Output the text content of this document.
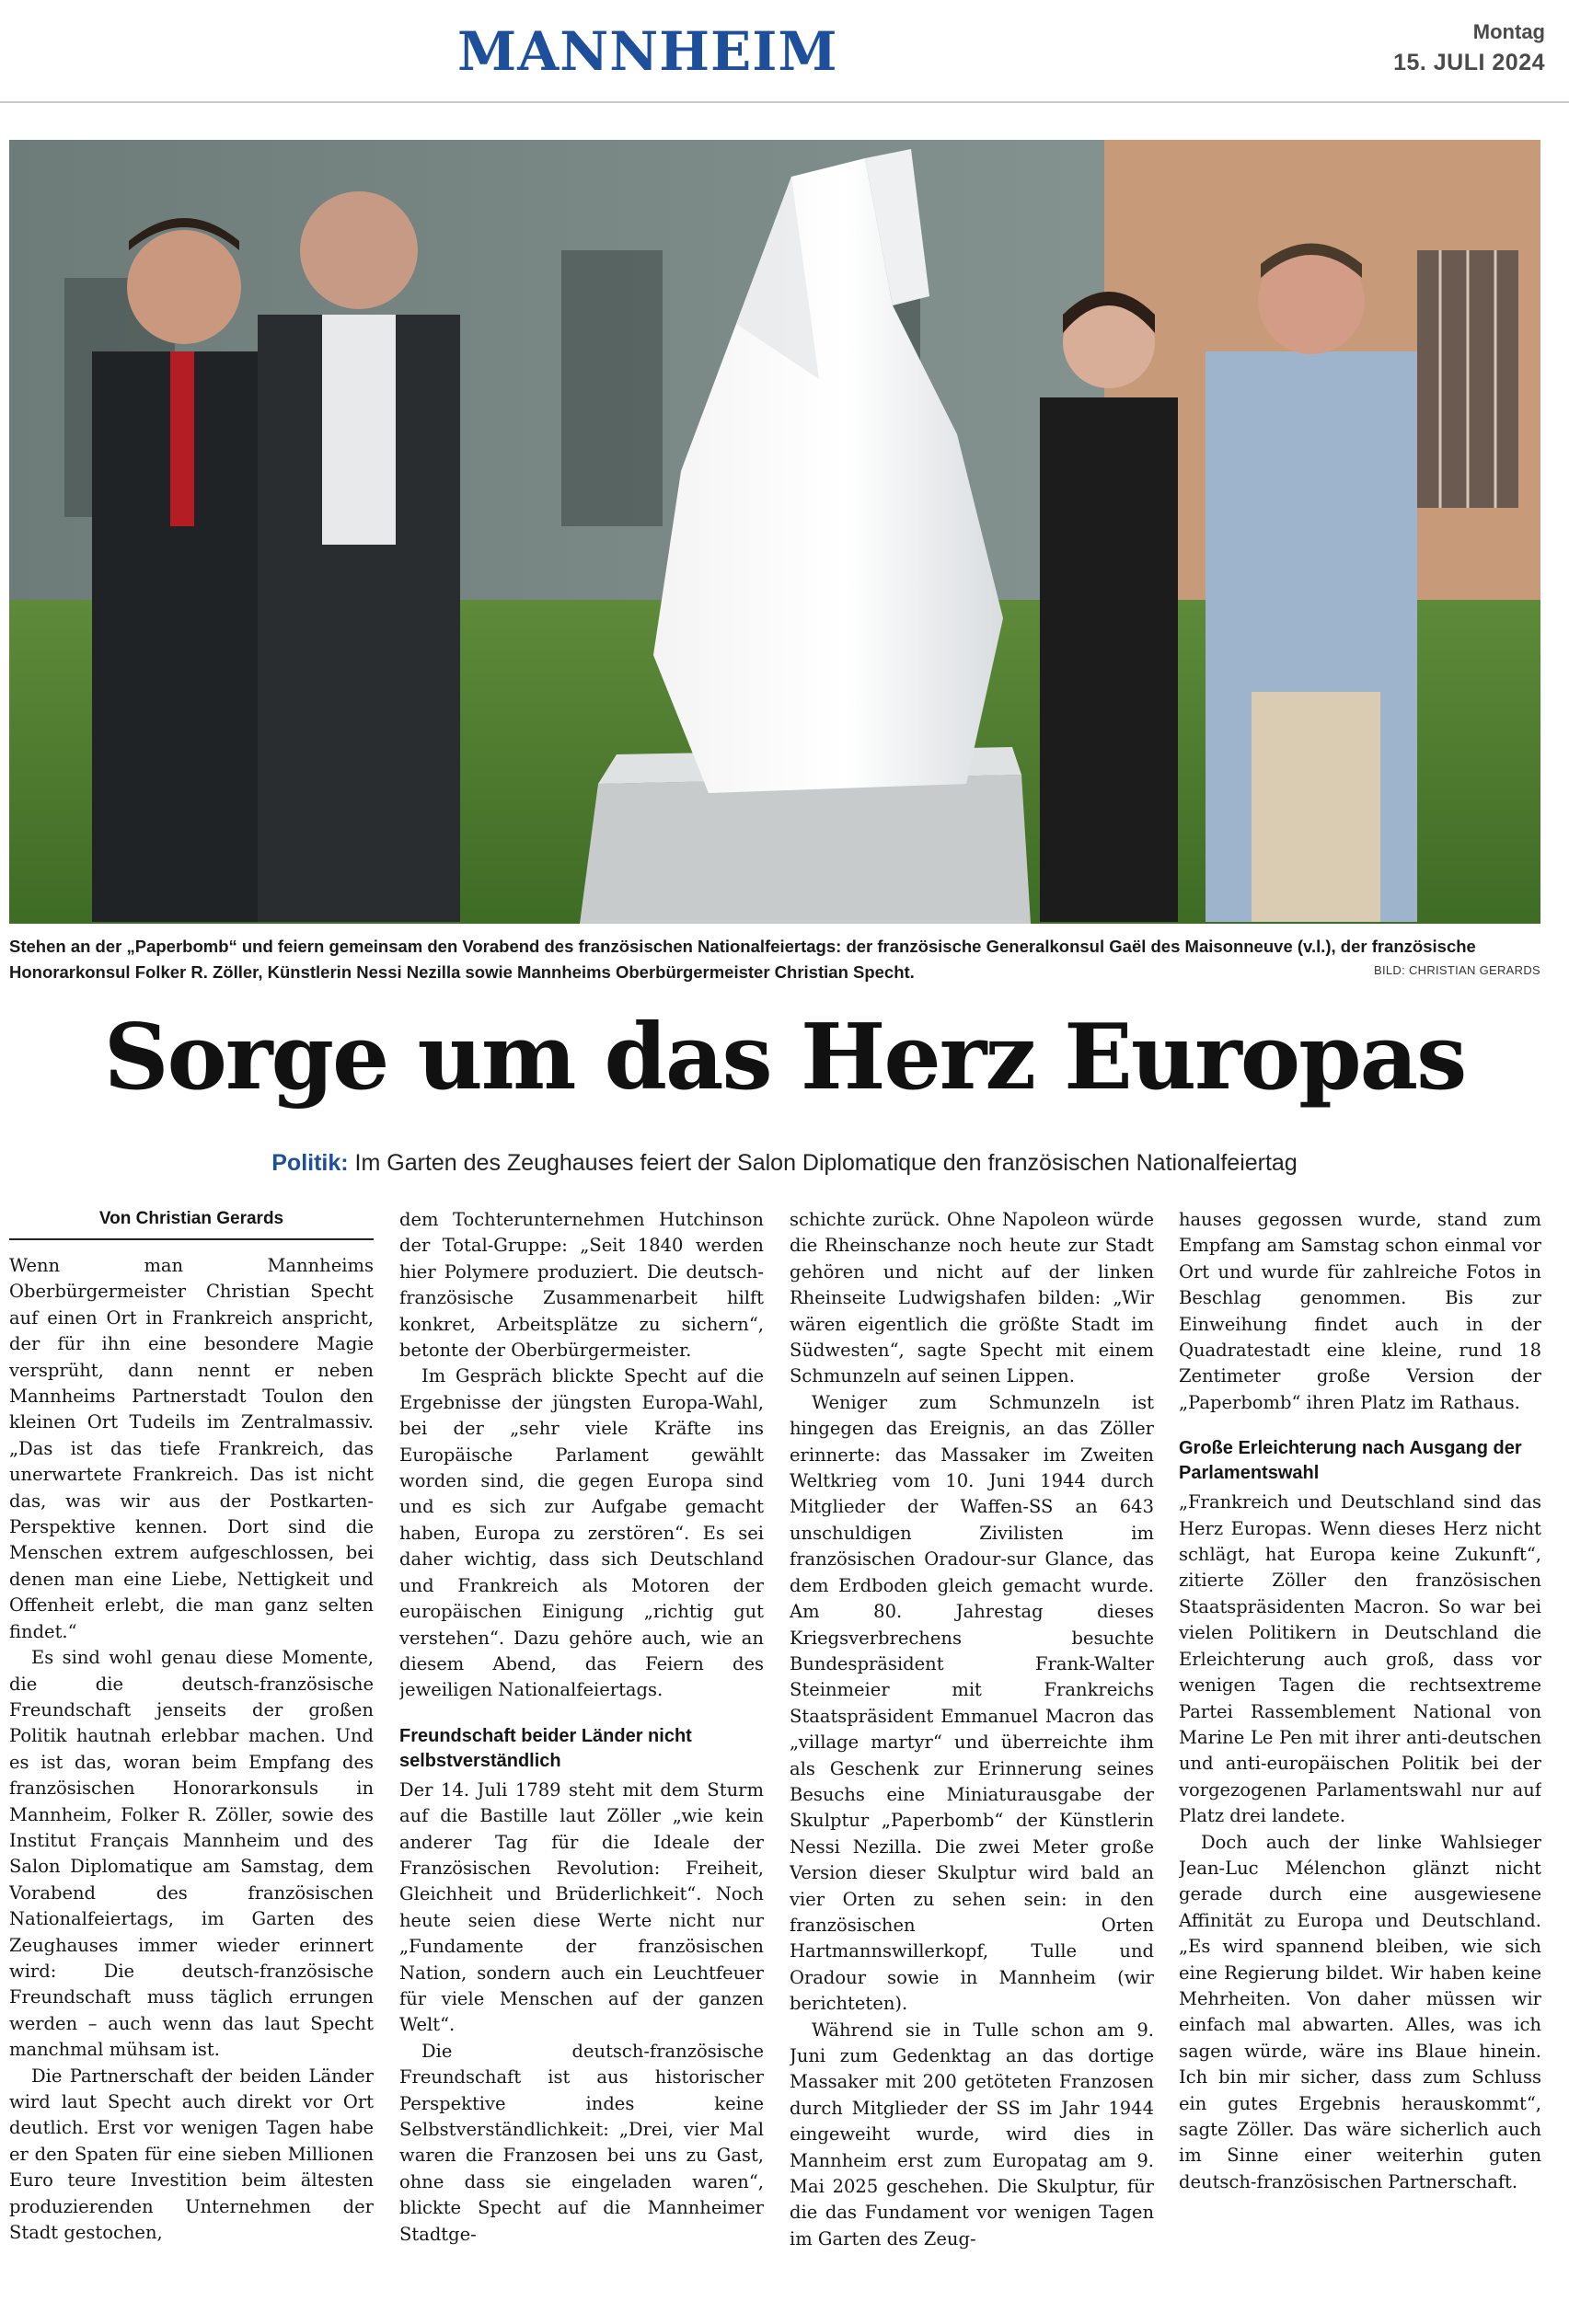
MANNHEIM	Montag
15. JULI 2024
Stehen an der „Paperbomb“ und feiern gemeinsam den Vorabend des französischen Nationalfeiertags: der französische Generalkonsul Gaël des Maisonneuve (v.l.), der französische Honorarkonsul Folker R. Zöller, Künstlerin Nessi Nezilla sowie Mannheims Oberbürgermeister Christian Specht.	BILD: CHRISTIAN GERARDS
Sorge um das Herz Europas
Politik: Im Garten des Zeughauses feiert der Salon Diplomatique den französischen Nationalfeiertag
Von Christian Gerards

Wenn man Mannheims Oberbürgermeister Christian Specht auf einen Ort in Frankreich anspricht, der für ihn eine besondere Magie versprüht, dann nennt er neben Mannheims Partnerstadt Toulon den kleinen Ort Tudeils im Zentralmassiv. „Das ist das tiefe Frankreich, das unerwartete Frankreich. Das ist nicht das, was wir aus der Postkarten-Perspektive kennen. Dort sind die Menschen extrem aufgeschlossen, bei denen man eine Liebe, Nettigkeit und Offenheit erlebt, die man ganz selten findet.“

Es sind wohl genau diese Momente, die die deutsch-französische Freundschaft jenseits der großen Politik hautnah erlebbar machen. Und es ist das, woran beim Empfang des französischen Honorarkonsuls in Mannheim, Folker R. Zöller, sowie des Institut Français Mannheim und des Salon Diplomatique am Samstag, dem Vorabend des französischen Nationalfeiertags, im Garten des Zeughauses immer wieder erinnert wird: Die deutsch-französische Freundschaft muss täglich errungen werden – auch wenn das laut Specht manchmal mühsam ist.

Die Partnerschaft der beiden Länder wird laut Specht auch direkt vor Ort deutlich. Erst vor wenigen Tagen habe er den Spaten für eine sieben Millionen Euro teure Investition beim ältesten produzierenden Unternehmen der Stadt gestochen,

dem Tochterunternehmen Hutchinson der Total-Gruppe: „Seit 1840 werden hier Polymere produziert. Die deutsch-französische Zusammenarbeit hilft konkret, Arbeitsplätze zu sichern“, betonte der Oberbürgermeister.

Im Gespräch blickte Specht auf die Ergebnisse der jüngsten Europa-Wahl, bei der „sehr viele Kräfte ins Europäische Parlament gewählt worden sind, die gegen Europa sind und es sich zur Aufgabe gemacht haben, Europa zu zerstören“. Es sei daher wichtig, dass sich Deutschland und Frankreich als Motoren der europäischen Einigung „richtig gut verstehen“. Dazu gehöre auch, wie an diesem Abend, das Feiern des jeweiligen Nationalfeiertags.

Freundschaft beider Länder nicht selbstverständlich

Der 14. Juli 1789 steht mit dem Sturm auf die Bastille laut Zöller „wie kein anderer Tag für die Ideale der Französischen Revolution: Freiheit, Gleichheit und Brüderlichkeit“. Noch heute seien diese Werte nicht nur „Fundamente der französischen Nation, sondern auch ein Leuchtfeuer für viele Menschen auf der ganzen Welt“.

Die deutsch-französische Freundschaft ist aus historischer Perspektive indes keine Selbstverständlichkeit: „Drei, vier Mal waren die Franzosen bei uns zu Gast, ohne dass sie eingeladen waren“, blickte Specht auf die Mannheimer Stadtge-

schichte zurück. Ohne Napoleon würde die Rheinschanze noch heute zur Stadt gehören und nicht auf der linken Rheinseite Ludwigshafen bilden: „Wir wären eigentlich die größte Stadt im Südwesten“, sagte Specht mit einem Schmunzeln auf seinen Lippen.

Weniger zum Schmunzeln ist hingegen das Ereignis, an das Zöller erinnerte: das Massaker im Zweiten Weltkrieg vom 10. Juni 1944 durch Mitglieder der Waffen-SS an 643 unschuldigen Zivilisten im französischen Oradour-sur Glance, das dem Erdboden gleich gemacht wurde. Am 80. Jahrestag dieses Kriegsverbrechens besuchte Bundespräsident Frank-Walter Steinmeier mit Frankreichs Staatspräsident Emmanuel Macron das „village martyr“ und überreichte ihm als Geschenk zur Erinnerung seines Besuchs eine Miniaturausgabe der Skulptur „Paperbomb“ der Künstlerin Nessi Nezilla. Die zwei Meter große Version dieser Skulptur wird bald an vier Orten zu sehen sein: in den französischen Orten Hartmannswillerkopf, Tulle und Oradour sowie in Mannheim (wir berichteten).

Während sie in Tulle schon am 9. Juni zum Gedenktag an das dortige Massaker mit 200 getöteten Franzosen durch Mitglieder der SS im Jahr 1944 eingeweiht wurde, wird dies in Mannheim erst zum Europatag am 9. Mai 2025 geschehen. Die Skulptur, für die das Fundament vor wenigen Tagen im Garten des Zeug-

hauses gegossen wurde, stand zum Empfang am Samstag schon einmal vor Ort und wurde für zahlreiche Fotos in Beschlag genommen. Bis zur Einweihung findet auch in der Quadratestadt eine kleine, rund 18 Zentimeter große Version der „Paperbomb“ ihren Platz im Rathaus.

Große Erleichterung nach Ausgang der Parlamentswahl

„Frankreich und Deutschland sind das Herz Europas. Wenn dieses Herz nicht schlägt, hat Europa keine Zukunft“, zitierte Zöller den französischen Staatspräsidenten Macron. So war bei vielen Politikern in Deutschland die Erleichterung auch groß, dass vor wenigen Tagen die rechtsextreme Partei Rassemblement National von Marine Le Pen mit ihrer anti-deutschen und anti-europäischen Politik bei der vorgezogenen Parlamentswahl nur auf Platz drei landete.

Doch auch der linke Wahlsieger Jean-Luc Mélenchon glänzt nicht gerade durch eine ausgewiesene Affinität zu Europa und Deutschland. „Es wird spannend bleiben, wie sich eine Regierung bildet. Wir haben keine Mehrheiten. Von daher müssen wir einfach mal abwarten. Alles, was ich sagen würde, wäre ins Blaue hinein. Ich bin mir sicher, dass zum Schluss ein gutes Ergebnis herauskommt“, sagte Zöller. Das wäre sicherlich auch im Sinne einer weiterhin guten deutsch-französischen Partnerschaft.
